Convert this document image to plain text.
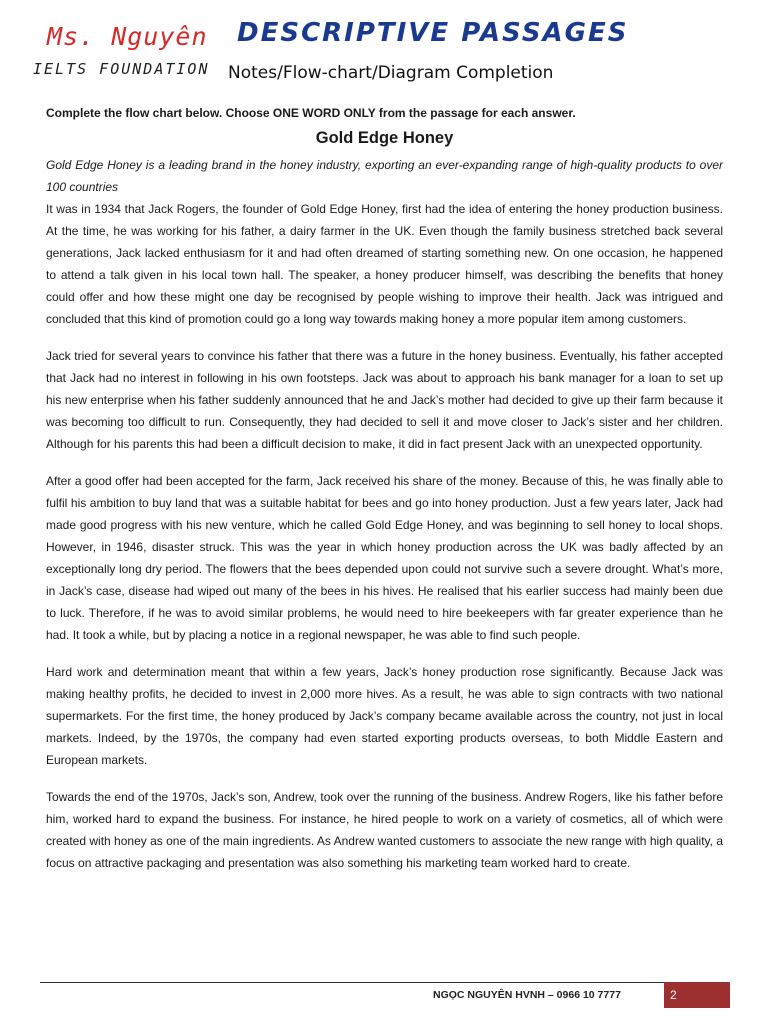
Ms. Nguyên
IELTS FOUNDATION
DESCRIPTIVE PASSAGES
Notes/Flow-chart/Diagram Completion

Complete the flow chart below. Choose ONE WORD ONLY from the passage for each answer.

Gold Edge Honey

Gold Edge Honey is a leading brand in the honey industry, exporting an ever-expanding range of high-quality products to over 100 countries

It was in 1934 that Jack Rogers, the founder of Gold Edge Honey, first had the idea of entering the honey production business. At the time, he was working for his father, a dairy farmer in the UK. Even though the family business stretched back several generations, Jack lacked enthusiasm for it and had often dreamed of starting something new. On one occasion, he happened to attend a talk given in his local town hall. The speaker, a honey producer himself, was describing the benefits that honey could offer and how these might one day be recognised by people wishing to improve their health. Jack was intrigued and concluded that this kind of promotion could go a long way towards making honey a more popular item among customers.

Jack tried for several years to convince his father that there was a future in the honey business. Eventually, his father accepted that Jack had no interest in following in his own footsteps. Jack was about to approach his bank manager for a loan to set up his new enterprise when his father suddenly announced that he and Jack’s mother had decided to give up their farm because it was becoming too difficult to run. Consequently, they had decided to sell it and move closer to Jack’s sister and her children. Although for his parents this had been a difficult decision to make, it did in fact present Jack with an unexpected opportunity.

After a good offer had been accepted for the farm, Jack received his share of the money. Because of this, he was finally able to fulfil his ambition to buy land that was a suitable habitat for bees and go into honey production. Just a few years later, Jack had made good progress with his new venture, which he called Gold Edge Honey, and was beginning to sell honey to local shops. However, in 1946, disaster struck. This was the year in which honey production across the UK was badly affected by an exceptionally long dry period. The flowers that the bees depended upon could not survive such a severe drought. What’s more, in Jack’s case, disease had wiped out many of the bees in his hives. He realised that his earlier success had mainly been due to luck. Therefore, if he was to avoid similar problems, he would need to hire beekeepers with far greater experience than he had. It took a while, but by placing a notice in a regional newspaper, he was able to find such people.

Hard work and determination meant that within a few years, Jack’s honey production rose significantly. Because Jack was making healthy profits, he decided to invest in 2,000 more hives. As a result, he was able to sign contracts with two national supermarkets. For the first time, the honey produced by Jack’s company became available across the country, not just in local markets. Indeed, by the 1970s, the company had even started exporting products overseas, to both Middle Eastern and European markets.

Towards the end of the 1970s, Jack’s son, Andrew, took over the running of the business. Andrew Rogers, like his father before him, worked hard to expand the business. For instance, he hired people to work on a variety of cosmetics, all of which were created with honey as one of the main ingredients. As Andrew wanted customers to associate the new range with high quality, a focus on attractive packaging and presentation was also something his marketing team worked hard to create.

NGỌC NGUYÊN HVNH – 0966 10 7777	2
